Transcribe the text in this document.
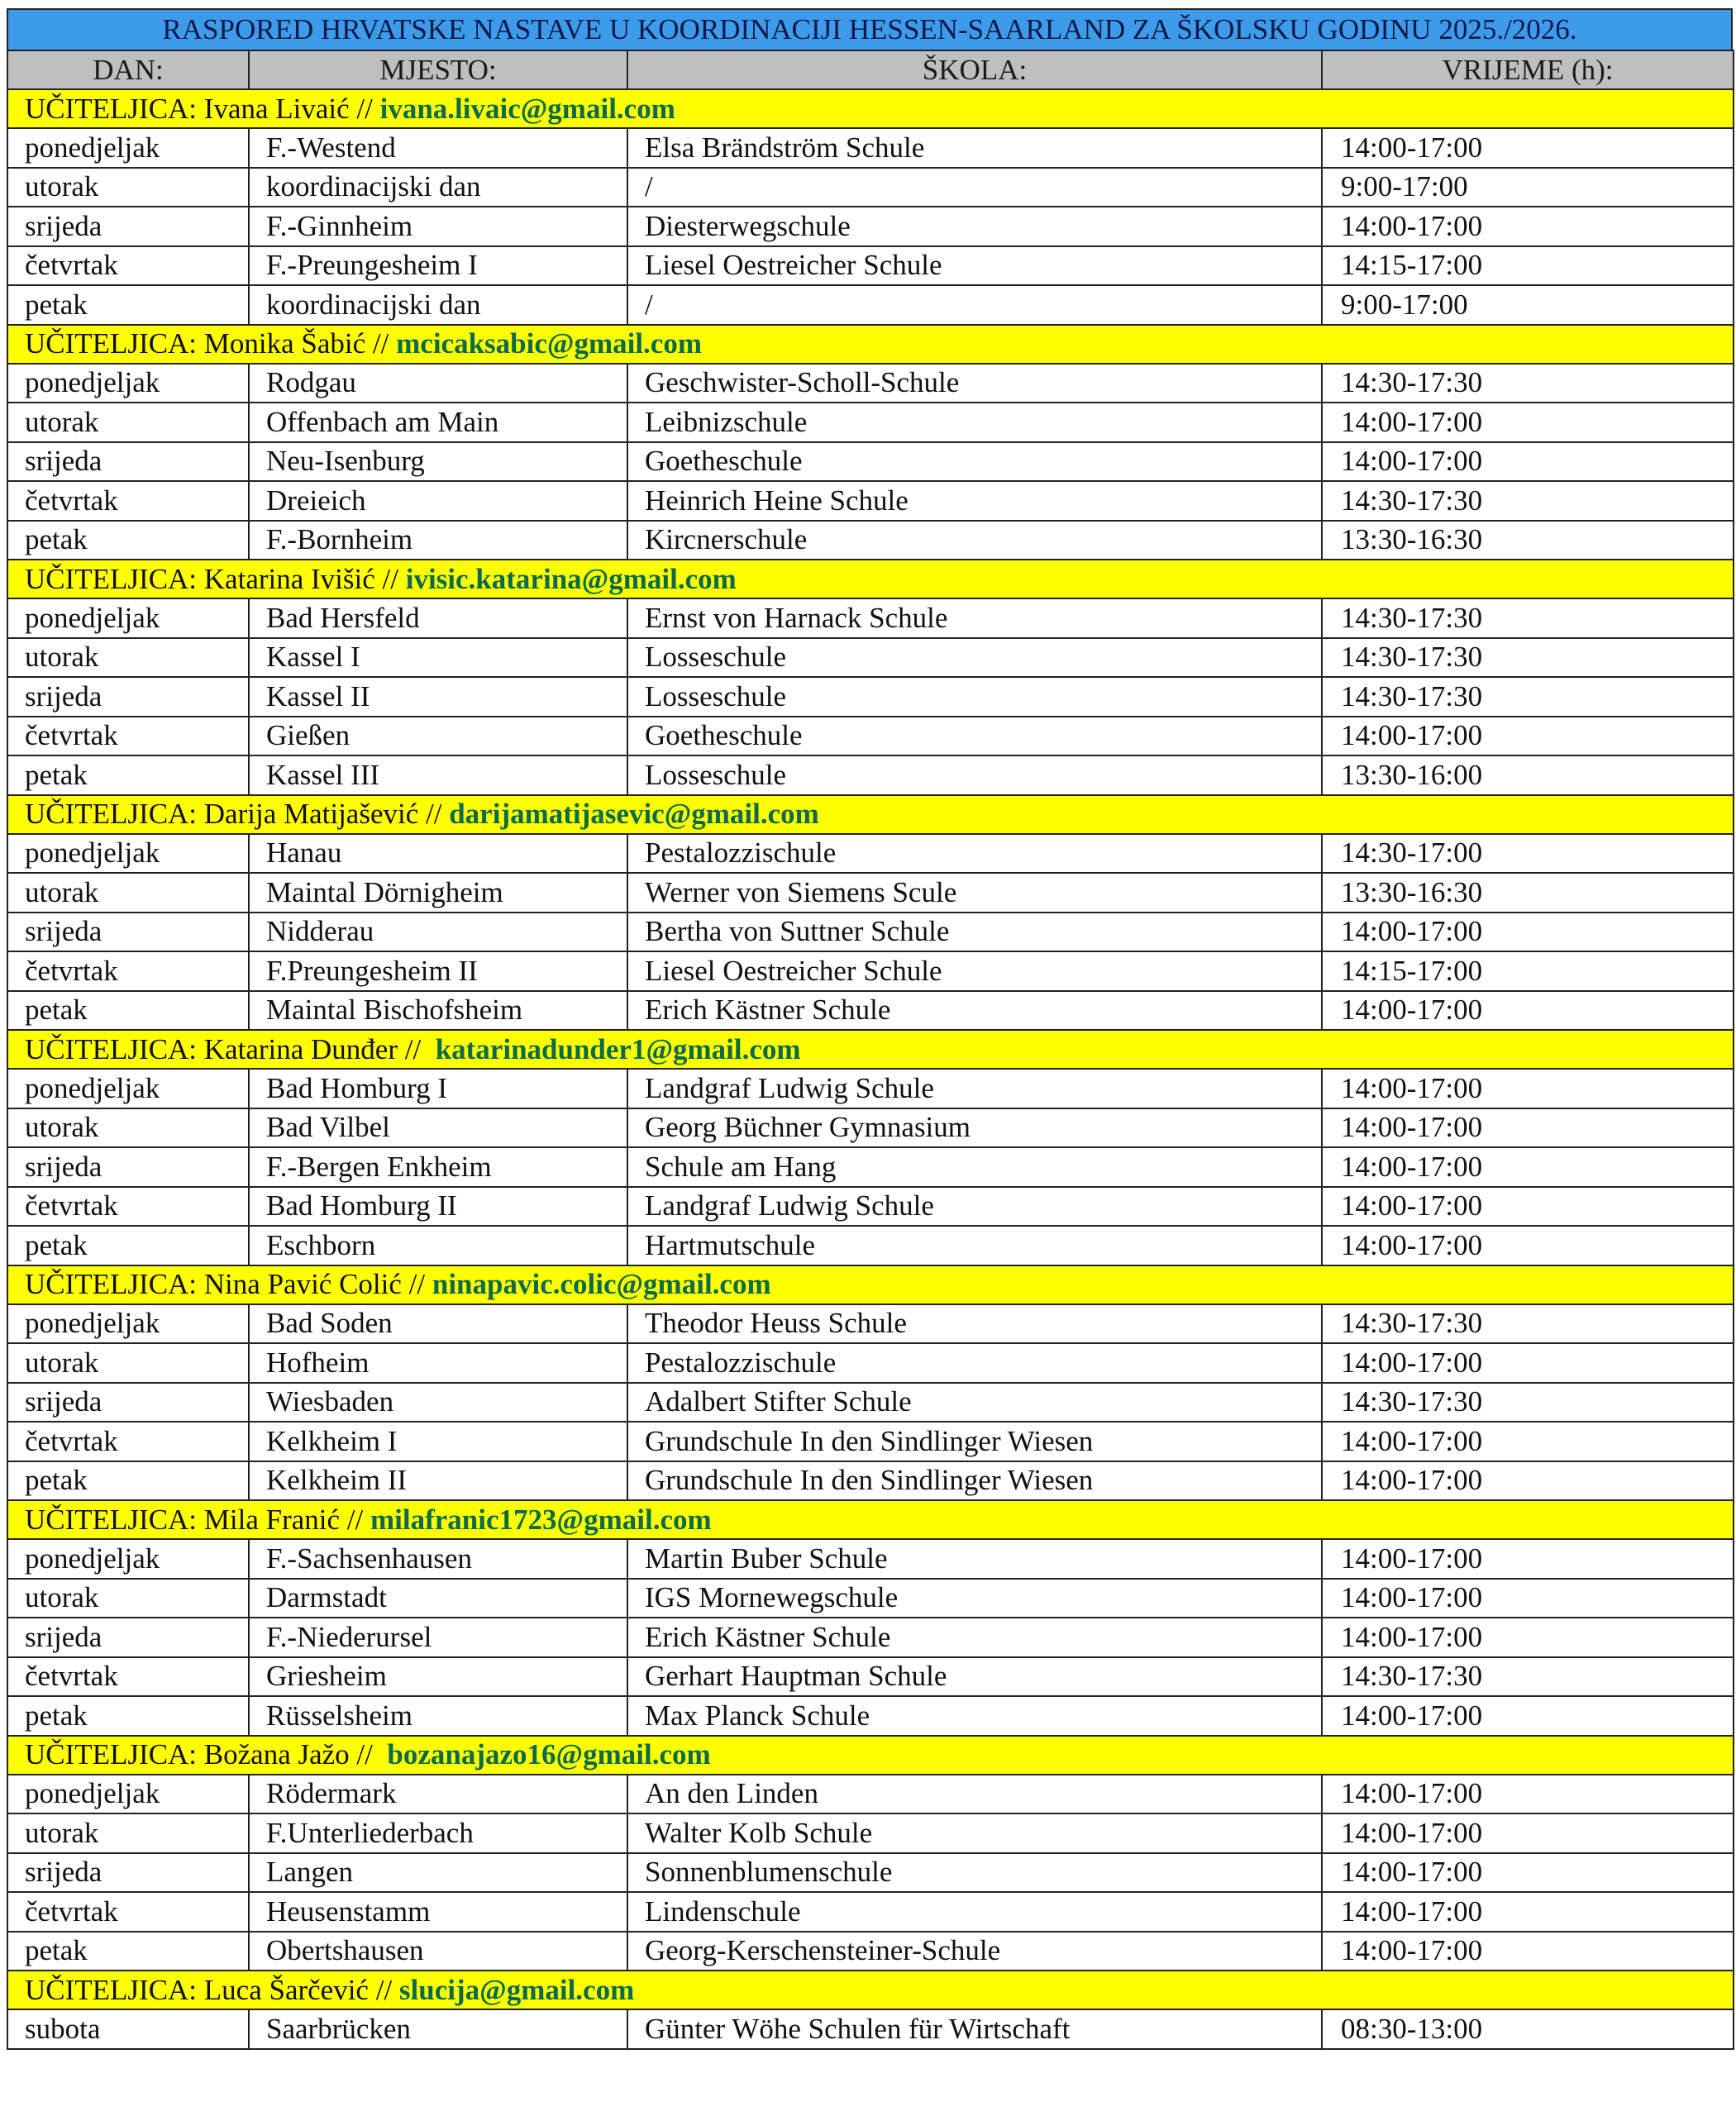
RASPORED HRVATSKE NASTAVE U KOORDINACIJI HESSEN-SAARLAND ZA ŠKOLSKU GODINU 2025./2026.
DAN:	MJESTO:	ŠKOLA:	VRIJEME (h):
UČITELJICA: Ivana Livaić // ivana.livaic@gmail.com			
ponedjeljak	F.-Westend	Elsa Brändström Schule	14:00-17:00
utorak	koordinacijski dan	/	9:00-17:00
srijeda	F.-Ginnheim	Diesterwegschule	14:00-17:00
četvrtak	F.-Preungesheim I	Liesel Oestreicher Schule	14:15-17:00
petak	koordinacijski dan	/	9:00-17:00
UČITELJICA: Monika Šabić // mcicaksabic@gmail.com			
ponedjeljak	Rodgau	Geschwister-Scholl-Schule	14:30-17:30
utorak	Offenbach am Main	Leibnizschule	14:00-17:00
srijeda	Neu-Isenburg	Goetheschule	14:00-17:00
četvrtak	Dreieich	Heinrich Heine Schule	14:30-17:30
petak	F.-Bornheim	Kircnerschule	13:30-16:30
UČITELJICA: Katarina Ivišić // ivisic.katarina@gmail.com			
ponedjeljak	Bad Hersfeld	Ernst von Harnack Schule	14:30-17:30
utorak	Kassel I	Losseschule	14:30-17:30
srijeda	Kassel II	Losseschule	14:30-17:30
četvrtak	Gießen	Goetheschule	14:00-17:00
petak	Kassel III	Losseschule	13:30-16:00
UČITELJICA: Darija Matijašević // darijamatijasevic@gmail.com			
ponedjeljak	Hanau	Pestalozzischule	14:30-17:00
utorak	Maintal Dörnigheim	Werner von Siemens Scule	13:30-16:30
srijeda	Nidderau	Bertha von Suttner Schule	14:00-17:00
četvrtak	F.Preungesheim II	Liesel Oestreicher Schule	14:15-17:00
petak	Maintal Bischofsheim	Erich Kästner Schule	14:00-17:00
UČITELJICA: Katarina Dunđer //  katarinadunder1@gmail.com			
ponedjeljak	Bad Homburg I	Landgraf Ludwig Schule	14:00-17:00
utorak	Bad Vilbel	Georg Büchner Gymnasium	14:00-17:00
srijeda	F.-Bergen Enkheim	Schule am Hang	14:00-17:00
četvrtak	Bad Homburg II	Landgraf Ludwig Schule	14:00-17:00
petak	Eschborn	Hartmutschule	14:00-17:00
UČITELJICA: Nina Pavić Colić // ninapavic.colic@gmail.com			
ponedjeljak	Bad Soden	Theodor Heuss Schule	14:30-17:30
utorak	Hofheim	Pestalozzischule	14:00-17:00
srijeda	Wiesbaden	Adalbert Stifter Schule	14:30-17:30
četvrtak	Kelkheim I	Grundschule In den Sindlinger Wiesen	14:00-17:00
petak	Kelkheim II	Grundschule In den Sindlinger Wiesen	14:00-17:00
UČITELJICA: Mila Franić // milafranic1723@gmail.com			
ponedjeljak	F.-Sachsenhausen	Martin Buber Schule	14:00-17:00
utorak	Darmstadt	IGS Mornewegschule	14:00-17:00
srijeda	F.-Niederursel	Erich Kästner Schule	14:00-17:00
četvrtak	Griesheim	Gerhart Hauptman Schule	14:30-17:30
petak	Rüsselsheim	Max Planck Schule	14:00-17:00
UČITELJICA: Božana Jažo //  bozanajazo16@gmail.com			
ponedjeljak	Rödermark	An den Linden	14:00-17:00
utorak	F.Unterliederbach	Walter Kolb Schule	14:00-17:00
srijeda	Langen	Sonnenblumenschule	14:00-17:00
četvrtak	Heusenstamm	Lindenschule	14:00-17:00
petak	Obertshausen	Georg-Kerschensteiner-Schule	14:00-17:00
UČITELJICA: Luca Šarčević // slucija@gmail.com			
subota	Saarbrücken	Günter Wöhe Schulen für Wirtschaft	08:30-13:00
